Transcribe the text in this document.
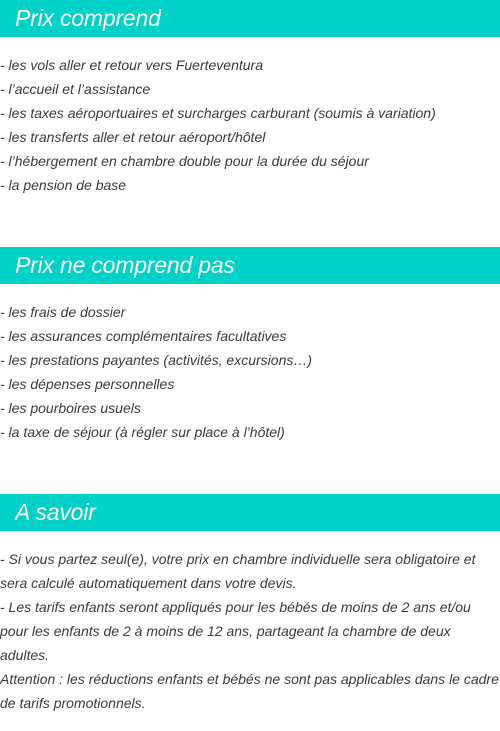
Prix comprend
- les vols aller et retour vers Fuerteventura
- l’accueil et l’assistance
- les taxes aéroportuaires et surcharges carburant (soumis à variation)
- les transferts aller et retour aéroport/hôtel
- l’hébergement en chambre double pour la durée du séjour
- la pension de base
Prix ne comprend pas
- les frais de dossier
- les assurances complémentaires facultatives
- les prestations payantes (activités, excursions…)
- les dépenses personnelles
- les pourboires usuels
- la taxe de séjour (à régler sur place à l’hôtel)
A savoir

- Si vous partez seul(e), votre prix en chambre individuelle sera obligatoire et sera calculé automatiquement dans votre devis.

- Les tarifs enfants seront appliqués pour les bébés de moins de 2 ans et/ou pour les enfants de 2 à moins de 12 ans, partageant la chambre de deux adultes.

Attention : les réductions enfants et bébés ne sont pas applicables dans le cadre de tarifs promotionnels.
